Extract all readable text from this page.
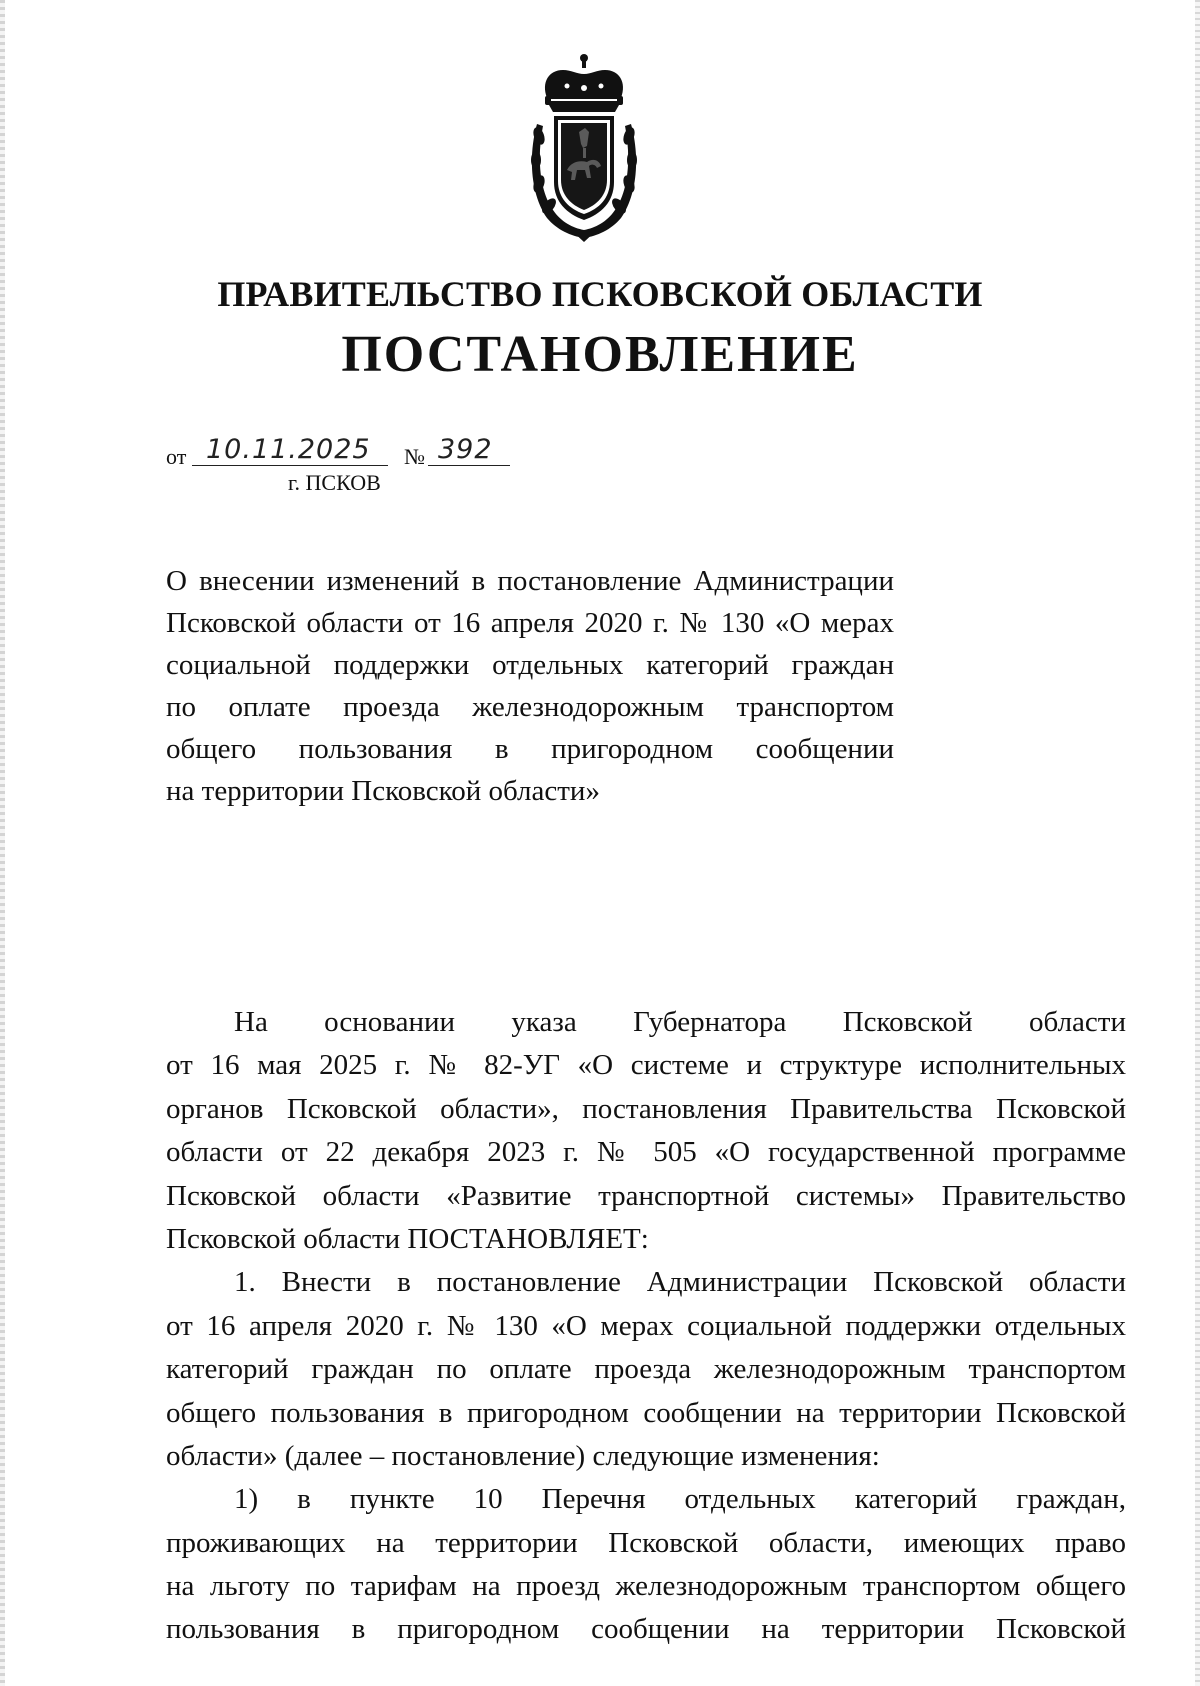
ПРАВИТЕЛЬСТВО ПСКОВСКОЙ ОБЛАСТИ
ПОСТАНОВЛЕНИЕ
от 10.11.2025	№ 392
г. ПСКОВ
О внесении изменений в постановление Администрации
Псковской области от 16 апреля 2020 г. № 130 «О мерах
социальной поддержки отдельных категорий граждан
по оплате проезда железнодорожным транспортом
общего пользования в пригородном сообщении
на территории Псковской области»
На основании указа Губернатора Псковской области
от 16 мая 2025 г. № 82-УГ «О системе и структуре исполнительных
органов Псковской области», постановления Правительства Псковской
области от 22 декабря 2023 г. № 505 «О государственной программе
Псковской области «Развитие транспортной системы» Правительство
Псковской области ПОСТАНОВЛЯЕТ:
1. Внести в постановление Администрации Псковской области
от 16 апреля 2020 г. № 130 «О мерах социальной поддержки отдельных
категорий граждан по оплате проезда железнодорожным транспортом
общего пользования в пригородном сообщении на территории Псковской
области» (далее – постановление) следующие изменения:
1) в пункте 10 Перечня отдельных категорий граждан,
проживающих на территории Псковской области, имеющих право
на льготу по тарифам на проезд железнодорожным транспортом общего
пользования в пригородном сообщении на территории Псковской
